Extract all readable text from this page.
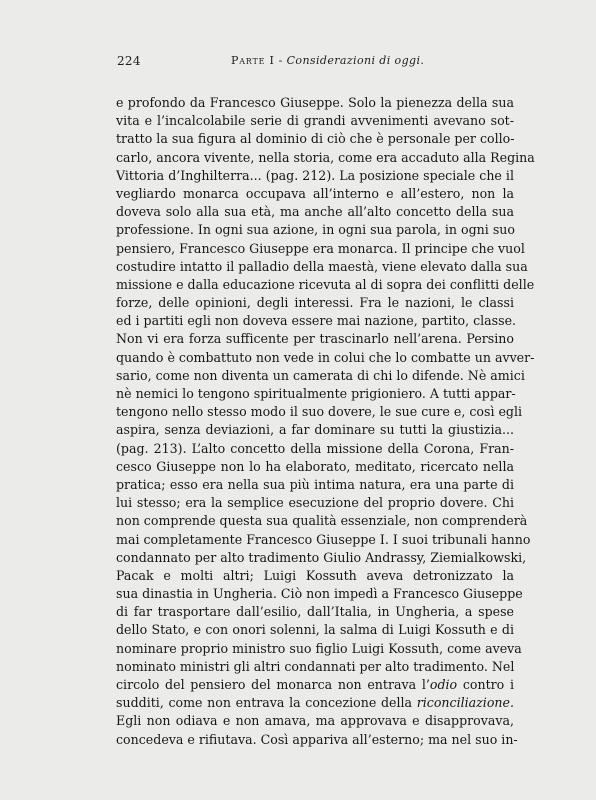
224	Parte I - Considerazioni di oggi.
e profondo da Francesco Giuseppe. Solo la pienezza della sua
vita e l’incalcolabile serie di grandi avvenimenti avevano sot-
tratto la sua figura al dominio di ciò che è personale per collo-
carlo, ancora vivente, nella storia, come era accaduto alla Regina
Vittoria d’Inghilterra... (pag. 212). La posizione speciale che il
vegliardo monarca occupava all’interno e all’estero, non la
doveva solo alla sua età, ma anche all’alto concetto della sua
professione. In ogni sua azione, in ogni sua parola, in ogni suo
pensiero, Francesco Giuseppe era monarca. Il principe che vuol
costudire intatto il palladio della maestà, viene elevato dalla sua
missione e dalla educazione ricevuta al di sopra dei conflitti delle
forze, delle opinioni, degli interessi. Fra le nazioni, le classi
ed i partiti egli non doveva essere mai nazione, partito, classe.
Non vi era forza sufficente per trascinarlo nell’arena. Persino
quando è combattuto non vede in colui che lo combatte un avver-
sario, come non diventa un camerata di chi lo difende. Nè amici
nè nemici lo tengono spiritualmente prigioniero. A tutti appar-
tengono nello stesso modo il suo dovere, le sue cure e, così egli
aspira, senza deviazioni, a far dominare su tutti la giustizia...
(pag. 213). L’alto concetto della missione della Corona, Fran-
cesco Giuseppe non lo ha elaborato, meditato, ricercato nella
pratica; esso era nella sua più intima natura, era una parte di
lui stesso; era la semplice esecuzione del proprio dovere. Chi
non comprende questa sua qualità essenziale, non comprenderà
mai completamente Francesco Giuseppe I. I suoi tribunali hanno
condannato per alto tradimento Giulio Andrassy, Ziemialkowski,
Pacak e molti altri; Luigi Kossuth aveva detronizzato la
sua dinastia in Ungheria. Ciò non impedì a Francesco Giuseppe
di far trasportare dall’esilio, dall’Italia, in Ungheria, a spese
dello Stato, e con onori solenni, la salma di Luigi Kossuth e di
nominare proprio ministro suo figlio Luigi Kossuth, come aveva
nominato ministri gli altri condannati per alto tradimento. Nel
circolo del pensiero del monarca non entrava l’odio contro i
sudditi, come non entrava la concezione della riconciliazione.
Egli non odiava e non amava, ma approvava e disapprovava,
concedeva e rifiutava. Così appariva all’esterno; ma nel suo in-
